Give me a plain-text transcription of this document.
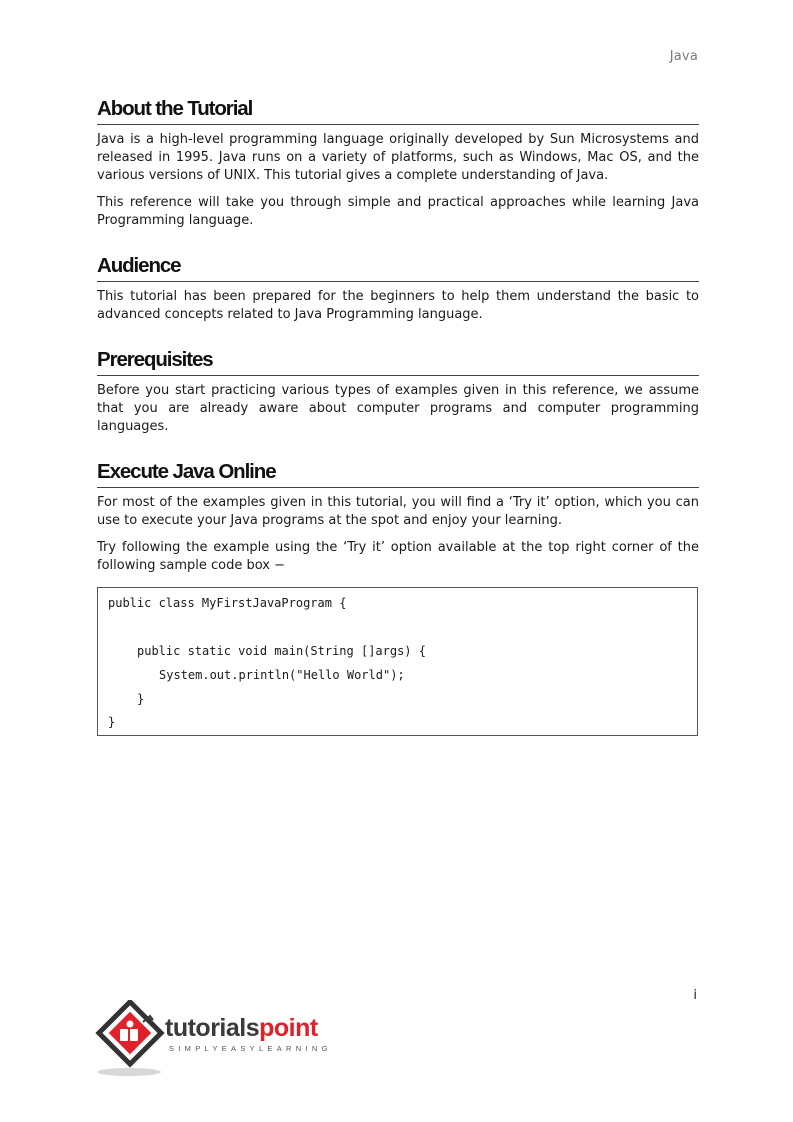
Java
About the Tutorial

Java is a high-level programming language originally developed by Sun Microsystems and released in 1995. Java runs on a variety of platforms, such as Windows, Mac OS, and the various versions of UNIX. This tutorial gives a complete understanding of Java.

This reference will take you through simple and practical approaches while learning Java Programming language.

Audience

This tutorial has been prepared for the beginners to help them understand the basic to advanced concepts related to Java Programming language.

Prerequisites

Before you start practicing various types of examples given in this reference, we assume that you are already aware about computer programs and computer programming languages.

Execute Java Online

For most of the examples given in this tutorial, you will find a ‘Try it’ option, which you can use to execute your Java programs at the spot and enjoy your learning.

Try following the example using the ‘Try it’ option available at the top right corner of the following sample code box −

public class MyFirstJavaProgram {
public static void main(String []args) {
System.out.println("Hello World");
}
}
i
tutorialspoint
SIMPLYEASYLEARNING
